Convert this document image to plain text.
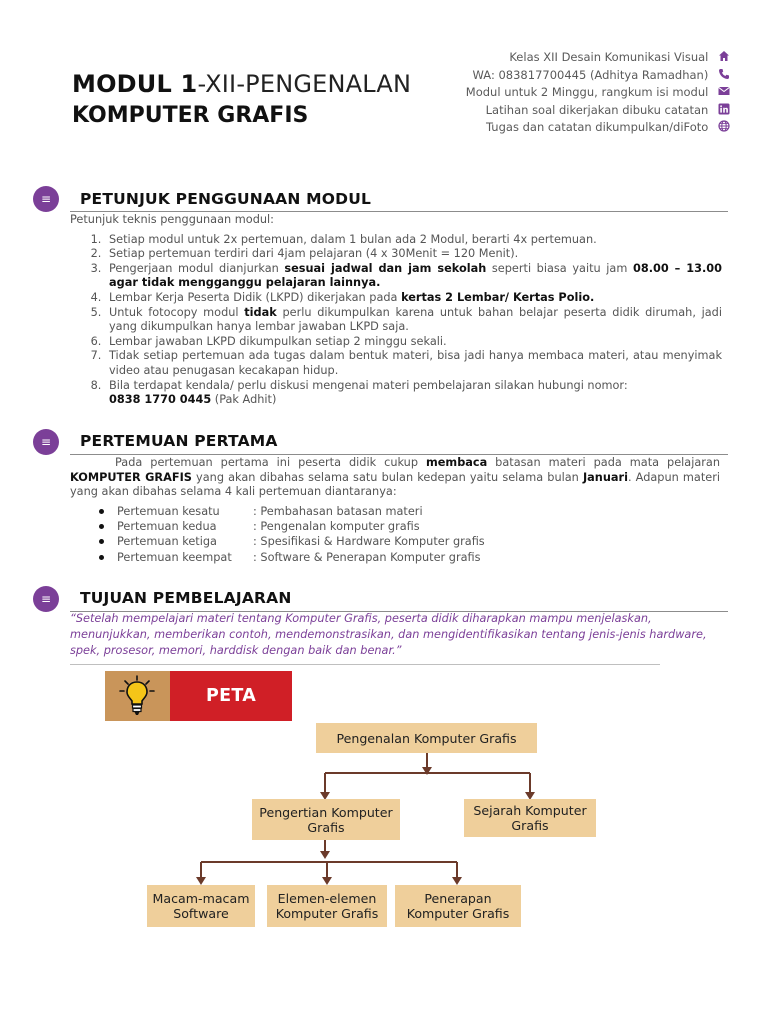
MODUL 1-XII-PENGENALAN
KOMPUTER GRAFIS
Kelas XII Desain Komunikasi Visual
WA: 083817700445 (Adhitya Ramadhan)
Modul untuk 2 Minggu, rangkum isi modul
Latihan soal dikerjakan dibuku catatan
Tugas dan catatan dikumpulkan/diFoto
≡	PETUNJUK PENGGUNAAN MODUL
Petunjuk teknis penggunaan modul:
1. Setiap modul untuk 2x pertemuan, dalam 1 bulan ada 2 Modul, berarti 4x pertemuan.
2. Setiap pertemuan terdiri dari 4jam pelajaran (4 x 30Menit = 120 Menit).
3. Pengerjaan modul dianjurkan sesuai jadwal dan jam sekolah seperti biasa yaitu jam 08.00 – 13.00 agar tidak mengganggu pelajaran lainnya.
4. Lembar Kerja Peserta Didik (LKPD) dikerjakan pada kertas 2 Lembar/ Kertas Polio.
5. Untuk fotocopy modul tidak perlu dikumpulkan karena untuk bahan belajar peserta didik dirumah, jadi yang dikumpulkan hanya lembar jawaban LKPD saja.
6. Lembar jawaban LKPD dikumpulkan setiap 2 minggu sekali.
7. Tidak setiap pertemuan ada tugas dalam bentuk materi, bisa jadi hanya membaca materi, atau menyimak video atau penugasan kecakapan hidup.
8. Bila terdapat kendala/ perlu diskusi mengenai materi pembelajaran silakan hubungi nomor:
0838 1770 0445 (Pak Adhit)
≡	PERTEMUAN PERTAMA
Pada pertemuan pertama ini peserta didik cukup membaca batasan materi pada mata pelajaran KOMPUTER GRAFIS yang akan dibahas selama satu bulan kedepan yaitu selama bulan Januari. Adapun materi yang akan dibahas selama 4 kali pertemuan diantaranya:
Pertemuan kesatu	: Pembahasan batasan materi
Pertemuan kedua	: Pengenalan komputer grafis
Pertemuan ketiga	: Spesifikasi & Hardware Komputer grafis
Pertemuan keempat : Software & Penerapan Komputer grafis
≡	TUJUAN PEMBELAJARAN
“Setelah mempelajari materi tentang Komputer Grafis, peserta didik diharapkan mampu menjelaskan, menunjukkan, memberikan contoh, mendemonstrasikan, dan mengidentifikasikan tentang jenis-jenis hardware, spek, prosesor, memori, harddisk dengan baik dan benar.”
PETA KONSEP	Pengenalan Komputer Grafis
Pengertian Komputer Grafis
Sejarah Komputer Grafis
Macam-macam Software
Elemen-elemen Komputer Grafis
Penerapan Komputer Grafis
